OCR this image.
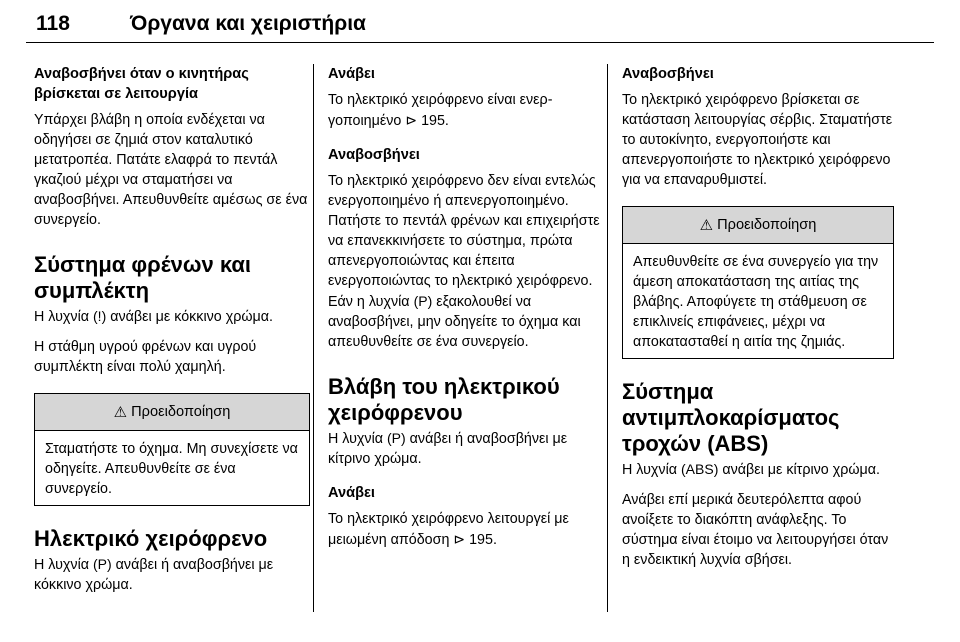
118	Όργανα και χειριστήρια
Αναβοσβήνει όταν ο κινητήρας βρίσκεται σε λειτουργία

Υπάρχει βλάβη η οποία ενδέχεται να οδηγήσει σε ζημιά στον καταλυτικό μετατροπέα. Πατάτε ελαφρά το πεντάλ γκαζιού μέχρι να σταματήσει να αναβοσβήνει. Απευθυνθείτε αμέσως σε ένα συνεργείο.

Σύστημα φρένων και συμπλέκτη

Η λυχνία (!) ανάβει με κόκκινο χρώμα.

Η στάθμη υγρού φρένων και υγρού συμπλέκτη είναι πολύ χαμηλή.

⚠ Προειδοποίηση
Σταματήστε το όχημα. Μη συνεχίσετε να οδηγείτε. Απευθυνθείτε σε ένα συνεργείο.
Ηλεκτρικό χειρόφρενο

Η λυχνία (P) ανάβει ή αναβοσβήνει με κόκκινο χρώμα.

Ανάβει

Το ηλεκτρικό χειρόφρενο είναι ενεργοποιημένο ⊳ 195.

Αναβοσβήνει

Το ηλεκτρικό χειρόφρενο δεν είναι εντελώς ενεργοποιημένο ή απενεργοποιημένο. Πατήστε το πεντάλ φρένων και επιχειρήστε να επανεκκινήσετε το σύστημα, πρώτα απενεργοποιώντας και έπειτα ενεργοποιώντας το ηλεκτρικό χειρόφρενο. Εάν η λυχνία (P) εξακολουθεί να αναβοσβήνει, μην οδηγείτε το όχημα και απευθυνθείτε σε ένα συνεργείο.

Βλάβη του ηλεκτρικού χειρόφρενου

Η λυχνία (P) ανάβει ή αναβοσβήνει με κίτρινο χρώμα.

Ανάβει

Το ηλεκτρικό χειρόφρενο λειτουργεί με μειωμένη απόδοση ⊳ 195.

Αναβοσβήνει

Το ηλεκτρικό χειρόφρενο βρίσκεται σε κατάσταση λειτουργίας σέρβις. Σταματήστε το αυτοκίνητο, ενεργοποιήστε και απενεργοποιήστε το ηλεκτρικό χειρόφρενο για να επαναρυθμιστεί.

⚠ Προειδοποίηση
Απευθυνθείτε σε ένα συνεργείο για την άμεση αποκατάσταση της αιτίας της βλάβης. Αποφύγετε τη στάθμευση σε επικλινείς επιφάνειες, μέχρι να αποκατασταθεί η αιτία της ζημιάς.
Σύστημα αντιμπλοκαρίσματος τροχών (ABS)

Η λυχνία (ABS) ανάβει με κίτρινο χρώμα.

Ανάβει επί μερικά δευτερόλεπτα αφού ανοίξετε το διακόπτη ανάφλεξης. Το σύστημα είναι έτοιμο να λειτουργήσει όταν η ενδεικτική λυχνία σβήσει.
